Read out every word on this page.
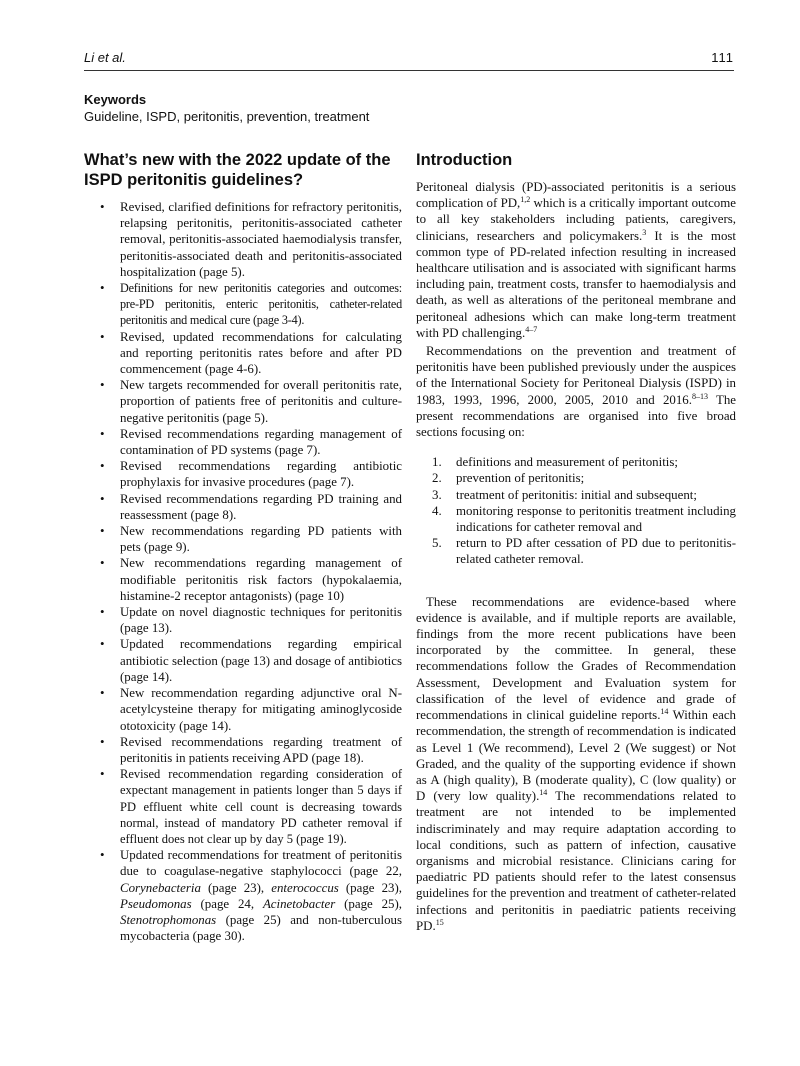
Li et al.	111
Keywords
Guideline, ISPD, peritonitis, prevention, treatment
What’s new with the 2022 update of the ISPD peritonitis guidelines?
• Revised, clarified definitions for refractory peritonitis, relapsing peritonitis, peritonitis-associated catheter removal, peritonitis-associated haemodialysis transfer, peritonitis-associated death and peritonitis-associated hospitalization (page 5).
• Definitions for new peritonitis categories and outcomes: pre-PD peritonitis, enteric peritonitis, catheter-related peritonitis and medical cure (page 3-4).
• Revised, updated recommendations for calculating and reporting peritonitis rates before and after PD commencement (page 4-6).
• New targets recommended for overall peritonitis rate, proportion of patients free of peritonitis and culture-negative peritonitis (page 5).
• Revised recommendations regarding management of contamination of PD systems (page 7).
• Revised recommendations regarding antibiotic prophylaxis for invasive procedures (page 7).
• Revised recommendations regarding PD training and reassessment (page 8).
• New recommendations regarding PD patients with pets (page 9).
• New recommendations regarding management of modifiable peritonitis risk factors (hypokalaemia, histamine-2 receptor antagonists) (page 10)
• Update on novel diagnostic techniques for peritonitis (page 13).
• Updated recommendations regarding empirical antibiotic selection (page 13) and dosage of antibiotics (page 14).
• New recommendation regarding adjunctive oral N-acetylcysteine therapy for mitigating aminoglycoside ototoxicity (page 14).
• Revised recommendations regarding treatment of peritonitis in patients receiving APD (page 18).
• Revised recommendation regarding consideration of expectant management in patients longer than 5 days if PD effluent white cell count is decreasing towards normal, instead of mandatory PD catheter removal if effluent does not clear up by day 5 (page 19).
• Updated recommendations for treatment of peritonitis due to coagulase-negative staphylococci (page 22, Corynebacteria (page 23), enterococcus (page 23), Pseudomonas (page 24, Acinetobacter (page 25), Stenotrophomonas (page 25) and non-tuberculous mycobacteria (page 30).
Introduction

Peritoneal dialysis (PD)-associated peritonitis is a serious complication of PD,$^{1,2}$ which is a critically important outcome to all key stakeholders including patients, caregivers, clinicians, researchers and policymakers.$^3$ It is the most common type of PD-related infection resulting in increased healthcare utilisation and is associated with significant harms including pain, treatment costs, transfer to haemodialysis and death, as well as alterations of the peritoneal membrane and peritoneal adhesions which can make long-term treatment with PD challenging.$^{4-7}$

Recommendations on the prevention and treatment of peritonitis have been published previously under the auspices of the International Society for Peritoneal Dialysis (ISPD) in 1983, 1993, 1996, 2000, 2005, 2010 and 2016.$^{8-13}$ The present recommendations are organised into five broad sections focusing on:

1. definitions and measurement of peritonitis;
2. prevention of peritonitis;
3. treatment of peritonitis: initial and subsequent;
4. monitoring response to peritonitis treatment including indications for catheter removal and
5. return to PD after cessation of PD due to peritonitis-related catheter removal.

These recommendations are evidence-based where evidence is available, and if multiple reports are available, findings from the more recent publications have been incorporated by the committee. In general, these recommendations follow the Grades of Recommendation Assessment, Development and Evaluation system for classification of the level of evidence and grade of recommendations in clinical guideline reports.$^{14}$ Within each recommendation, the strength of recommendation is indicated as Level 1 (We recommend), Level 2 (We suggest) or Not Graded, and the quality of the supporting evidence if shown as A (high quality), B (moderate quality), C (low quality) or D (very low quality).$^{14}$ The recommendations related to treatment are not intended to be implemented indiscriminately and may require adaptation according to local conditions, such as pattern of infection, causative organisms and microbial resistance. Clinicians caring for paediatric PD patients should refer to the latest consensus guidelines for the prevention and treatment of catheter-related infections and peritonitis in paediatric patients receiving PD.$^{15}$
